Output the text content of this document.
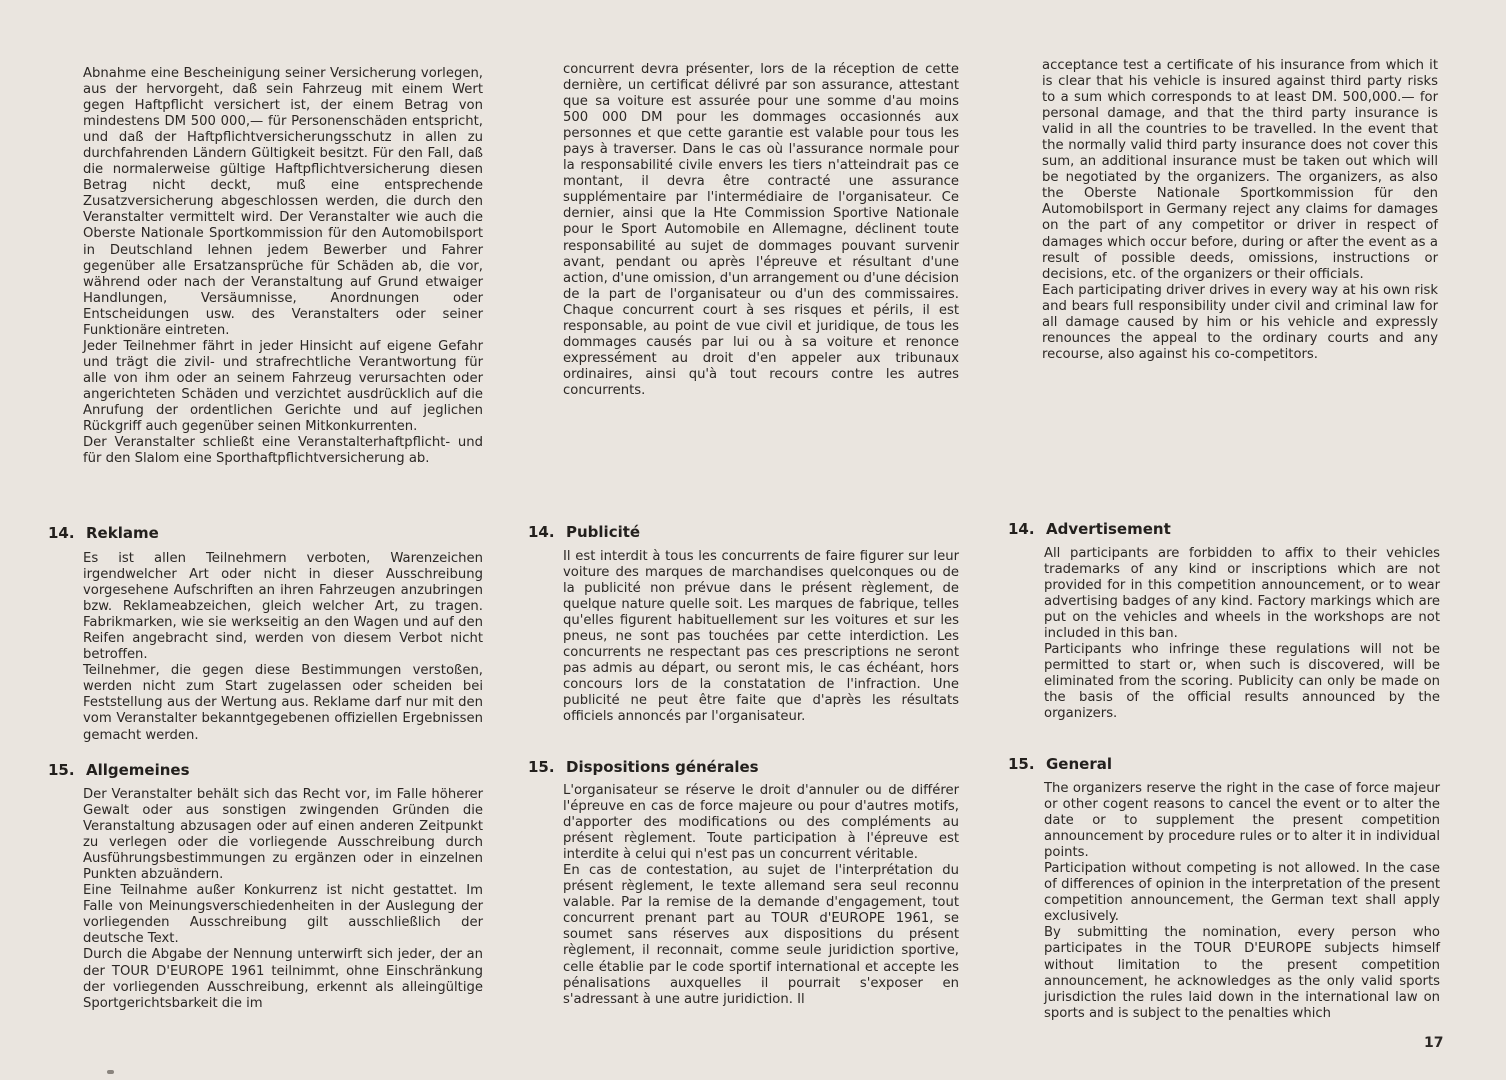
Abnahme eine Bescheinigung seiner Versicherung vorlegen, aus der hervorgeht, daß sein Fahrzeug mit einem Wert gegen Haftpflicht versichert ist, der einem Betrag von mindestens DM 500 000,— für Personenschäden entspricht, und daß der Haftpflichtversicherungsschutz in allen zu durchfahrenden Ländern Gültigkeit besitzt. Für den Fall, daß die normalerweise gültige Haftpflichtversicherung diesen Betrag nicht deckt, muß eine entsprechende Zusatzversicherung abgeschlossen werden, die durch den Veranstalter vermittelt wird. Der Veranstalter wie auch die Oberste Nationale Sportkommission für den Automobilsport in Deutschland lehnen jedem Bewerber und Fahrer gegenüber alle Ersatzansprüche für Schäden ab, die vor, während oder nach der Veranstaltung auf Grund etwaiger Handlungen, Versäumnisse, Anordnungen oder Entscheidungen usw. des Veranstalters oder seiner Funktionäre eintreten.

Jeder Teilnehmer fährt in jeder Hinsicht auf eigene Gefahr und trägt die zivil- und strafrechtliche Verantwortung für alle von ihm oder an seinem Fahrzeug verursachten oder angerichteten Schäden und verzichtet ausdrücklich auf die Anrufung der ordentlichen Gerichte und auf jeglichen Rückgriff auch gegenüber seinen Mitkonkurrenten.

Der Veranstalter schließt eine Veranstalterhaftpflicht- und für den Slalom eine Sporthaftpflichtversicherung ab.

14. Reklame

Es ist allen Teilnehmern verboten, Warenzeichen irgendwelcher Art oder nicht in dieser Ausschreibung vorgesehene Aufschriften an ihren Fahrzeugen anzubringen bzw. Reklameabzeichen, gleich welcher Art, zu tragen. Fabrikmarken, wie sie werkseitig an den Wagen und auf den Reifen angebracht sind, werden von diesem Verbot nicht betroffen.

Teilnehmer, die gegen diese Bestimmungen verstoßen, werden nicht zum Start zugelassen oder scheiden bei Feststellung aus der Wertung aus. Reklame darf nur mit den vom Veranstalter bekanntgegebenen offiziellen Ergebnissen gemacht werden.

15. Allgemeines

Der Veranstalter behält sich das Recht vor, im Falle höherer Gewalt oder aus sonstigen zwingenden Gründen die Veranstaltung abzusagen oder auf einen anderen Zeitpunkt zu verlegen oder die vorliegende Ausschreibung durch Ausführungsbestimmungen zu ergänzen oder in einzelnen Punkten abzuändern.

Eine Teilnahme außer Konkurrenz ist nicht gestattet. Im Falle von Meinungsverschiedenheiten in der Auslegung der vorliegenden Ausschreibung gilt ausschließlich der deutsche Text.

Durch die Abgabe der Nennung unterwirft sich jeder, der an der TOUR D'EUROPE 1961 teilnimmt, ohne Einschränkung der vorliegenden Ausschreibung, erkennt als alleingültige Sportgerichtsbarkeit die im

concurrent devra présenter, lors de la réception de cette dernière, un certificat délivré par son assurance, attestant que sa voiture est assurée pour une somme d'au moins 500 000 DM pour les dommages occasionnés aux personnes et que cette garantie est valable pour tous les pays à traverser. Dans le cas où l'assurance normale pour la responsabilité civile envers les tiers n'atteindrait pas ce montant, il devra être contracté une assurance supplémentaire par l'intermédiaire de l'organisateur. Ce dernier, ainsi que la Hte Commission Sportive Nationale pour le Sport Automobile en Allemagne, déclinent toute responsabilité au sujet de dommages pouvant survenir avant, pendant ou après l'épreuve et résultant d'une action, d'une omission, d'un arrangement ou d'une décision de la part de l'organisateur ou d'un des commissaires. Chaque concurrent court à ses risques et périls, il est responsable, au point de vue civil et juridique, de tous les dommages causés par lui ou à sa voiture et renonce expressément au droit d'en appeler aux tribunaux ordinaires, ainsi qu'à tout recours contre les autres concurrents.

14. Publicité

Il est interdit à tous les concurrents de faire figurer sur leur voiture des marques de marchandises quelconques ou de la publicité non prévue dans le présent règlement, de quelque nature quelle soit. Les marques de fabrique, telles qu'elles figurent habituellement sur les voitures et sur les pneus, ne sont pas touchées par cette interdiction. Les concurrents ne respectant pas ces prescriptions ne seront pas admis au départ, ou seront mis, le cas échéant, hors concours lors de la constatation de l'infraction. Une publicité ne peut être faite que d'après les résultats officiels annoncés par l'organisateur.

15. Dispositions générales

L'organisateur se réserve le droit d'annuler ou de différer l'épreuve en cas de force majeure ou pour d'autres motifs, d'apporter des modifications ou des compléments au présent règlement. Toute participation à l'épreuve est interdite à celui qui n'est pas un concurrent véritable.

En cas de contestation, au sujet de l'interprétation du présent règlement, le texte allemand sera seul reconnu valable. Par la remise de la demande d'engagement, tout concurrent prenant part au TOUR d'EUROPE 1961, se soumet sans réserves aux dispositions du présent règlement, il reconnait, comme seule juridiction sportive, celle établie par le code sportif international et accepte les pénalisations auxquelles il pourrait s'exposer en s'adressant à une autre juridiction. Il

acceptance test a certificate of his insurance from which it is clear that his vehicle is insured against third party risks to a sum which corresponds to at least DM. 500,000.— for personal damage, and that the third party insurance is valid in all the countries to be travelled. In the event that the normally valid third party insurance does not cover this sum, an additional insurance must be taken out which will be negotiated by the organizers. The organizers, as also the Oberste Nationale Sportkommission für den Automobilsport in Germany reject any claims for damages on the part of any competitor or driver in respect of damages which occur before, during or after the event as a result of possible deeds, omissions, instructions or decisions, etc. of the organizers or their officials.

Each participating driver drives in every way at his own risk and bears full responsibility under civil and criminal law for all damage caused by him or his vehicle and expressly renounces the appeal to the ordinary courts and any recourse, also against his co-competitors.

14. Advertisement

All participants are forbidden to affix to their vehicles trademarks of any kind or inscriptions which are not provided for in this competition announcement, or to wear advertising badges of any kind. Factory markings which are put on the vehicles and wheels in the workshops are not included in this ban.

Participants who infringe these regulations will not be permitted to start or, when such is discovered, will be eliminated from the scoring. Publicity can only be made on the basis of the official results announced by the organizers.

15. General

The organizers reserve the right in the case of force majeur or other cogent reasons to cancel the event or to alter the date or to supplement the present competition announcement by procedure rules or to alter it in individual points.

Participation without competing is not allowed. In the case of differences of opinion in the interpretation of the present competition announcement, the German text shall apply exclusively.

By submitting the nomination, every person who participates in the TOUR D'EUROPE subjects himself without limitation to the present competition announcement, he acknowledges as the only valid sports jurisdiction the rules laid down in the international law on sports and is subject to the penalties which

17
